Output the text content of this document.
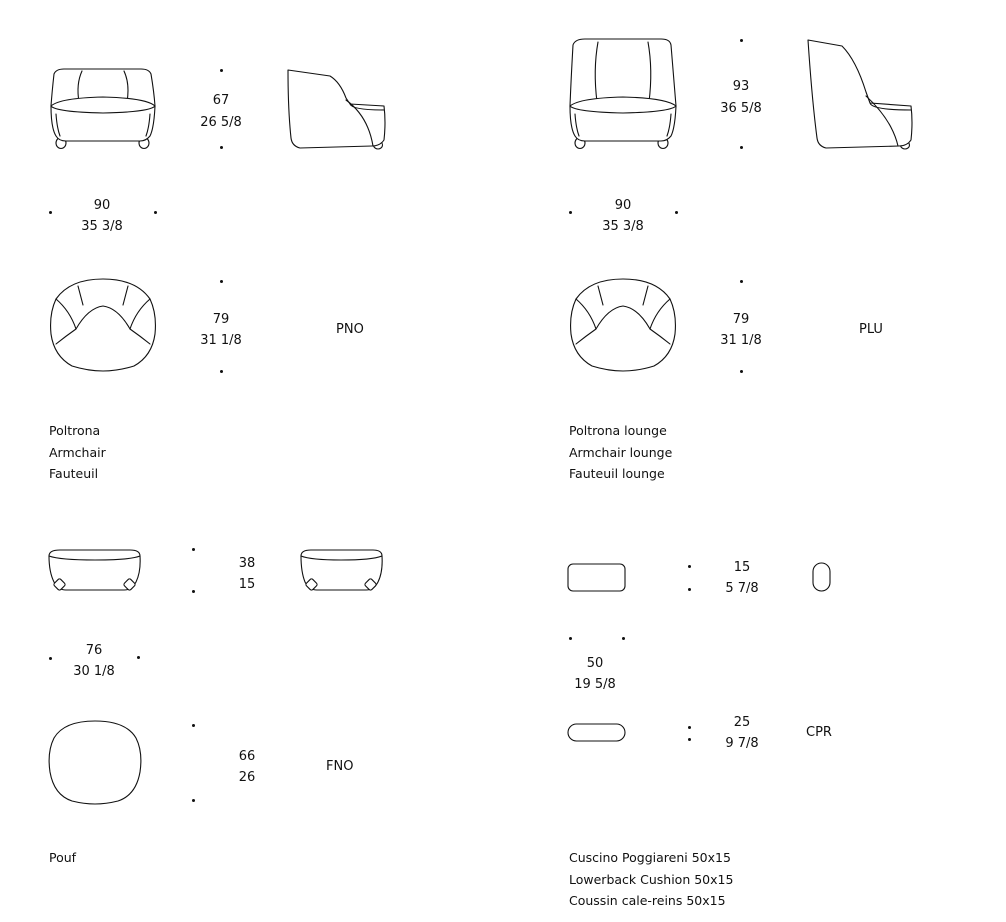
67
26 5/8
90
35 3/8
79
31 1/8
PNO
Poltrona
Armchair
Fauteuil
93
36 5/8
90
35 3/8
79
31 1/8
PLU
Poltrona lounge
Armchair lounge
Fauteuil lounge
38
15
76
30 1/8
66
26
FNO
Pouf
15
5 7/8
50
19 5/8
25
9 7/8
CPR
Cuscino Poggiareni 50x15
Lowerback Cushion 50x15
Coussin cale-reins 50x15
